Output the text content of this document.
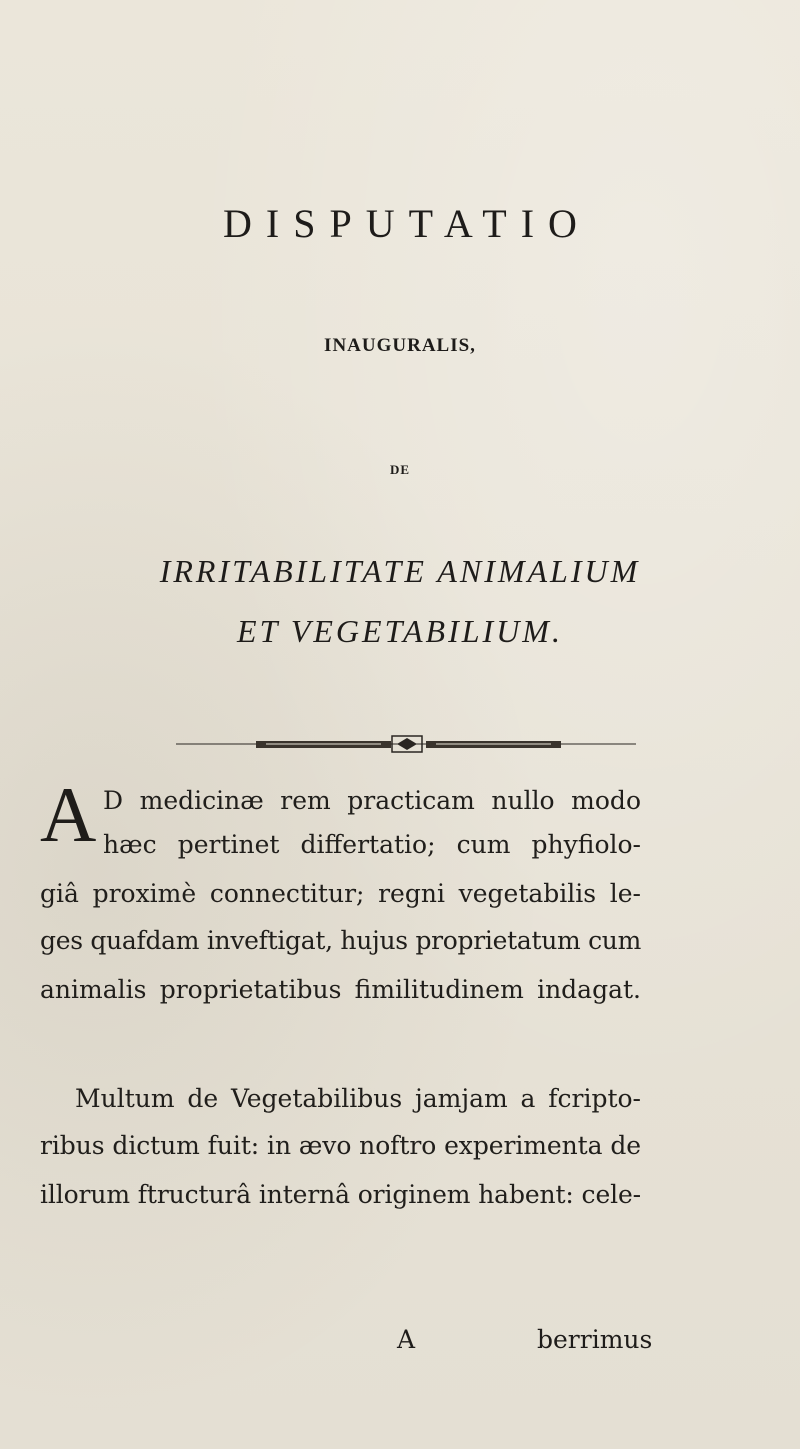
DISPUTATIO
INAUGURALIS,
DE
IRRITABILITATE ANIMALIUM
ET VEGETABILIUM.
A D medicinæ rem practicam nullo modo
hæc pertinet differtatio; cum phyfiolo-
giâ proximè connectitur; regni vegetabilis le-
ges quafdam inveftigat, hujus proprietatum cum
animalis proprietatibus fimilitudinem indagat.
Multum de Vegetabilibus jamjam a fcripto-
ribus dictum fuit: in ævo noftro experimenta de
illorum ftructurâ internâ originem habent: cele-
A	berrimus
